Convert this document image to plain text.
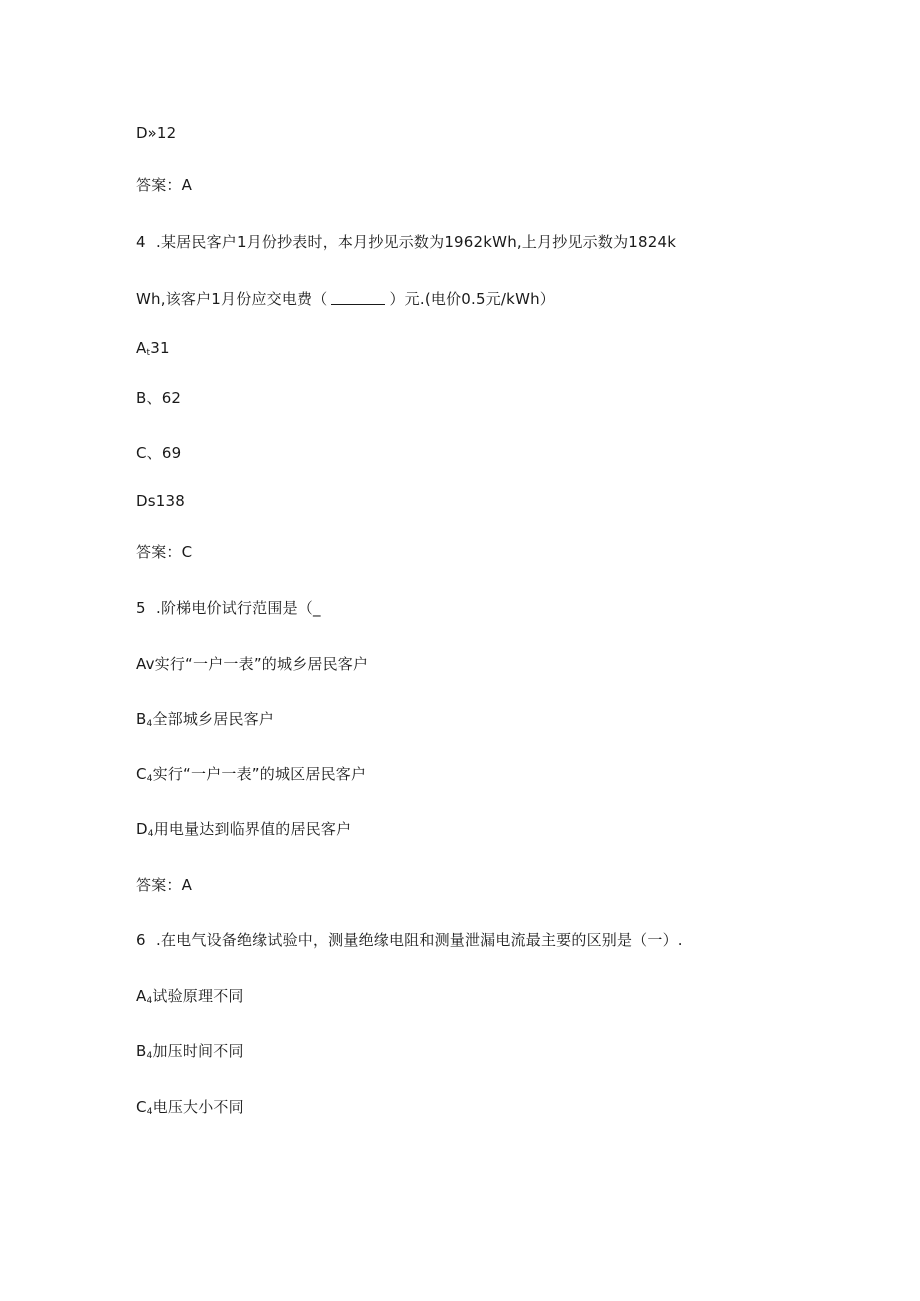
D»12
答案：A
4 .某居民客户1月份抄表时，本月抄见示数为1962kWh,上月抄见示数为1824k
Wh,该客户1月份应交电费（	）元.(电价0.5元/kWh）
$A_t31$
B、62
C、69
Ds138
答案：C
5 .阶梯电价试行范围是（_
Av实行“一户一表”的城乡居民客户
$B_4$全部城乡居民客户
$C_4$实行“一户一表”的城区居民客户
$D_4$用电量达到临界值的居民客户
答案：A
6 .在电气设备绝缘试验中，测量绝缘电阻和测量泄漏电流最主要的区别是（一）.
$A_4$试验原理不同
$B_4$加压时间不同
$C_4$电压大小不同
